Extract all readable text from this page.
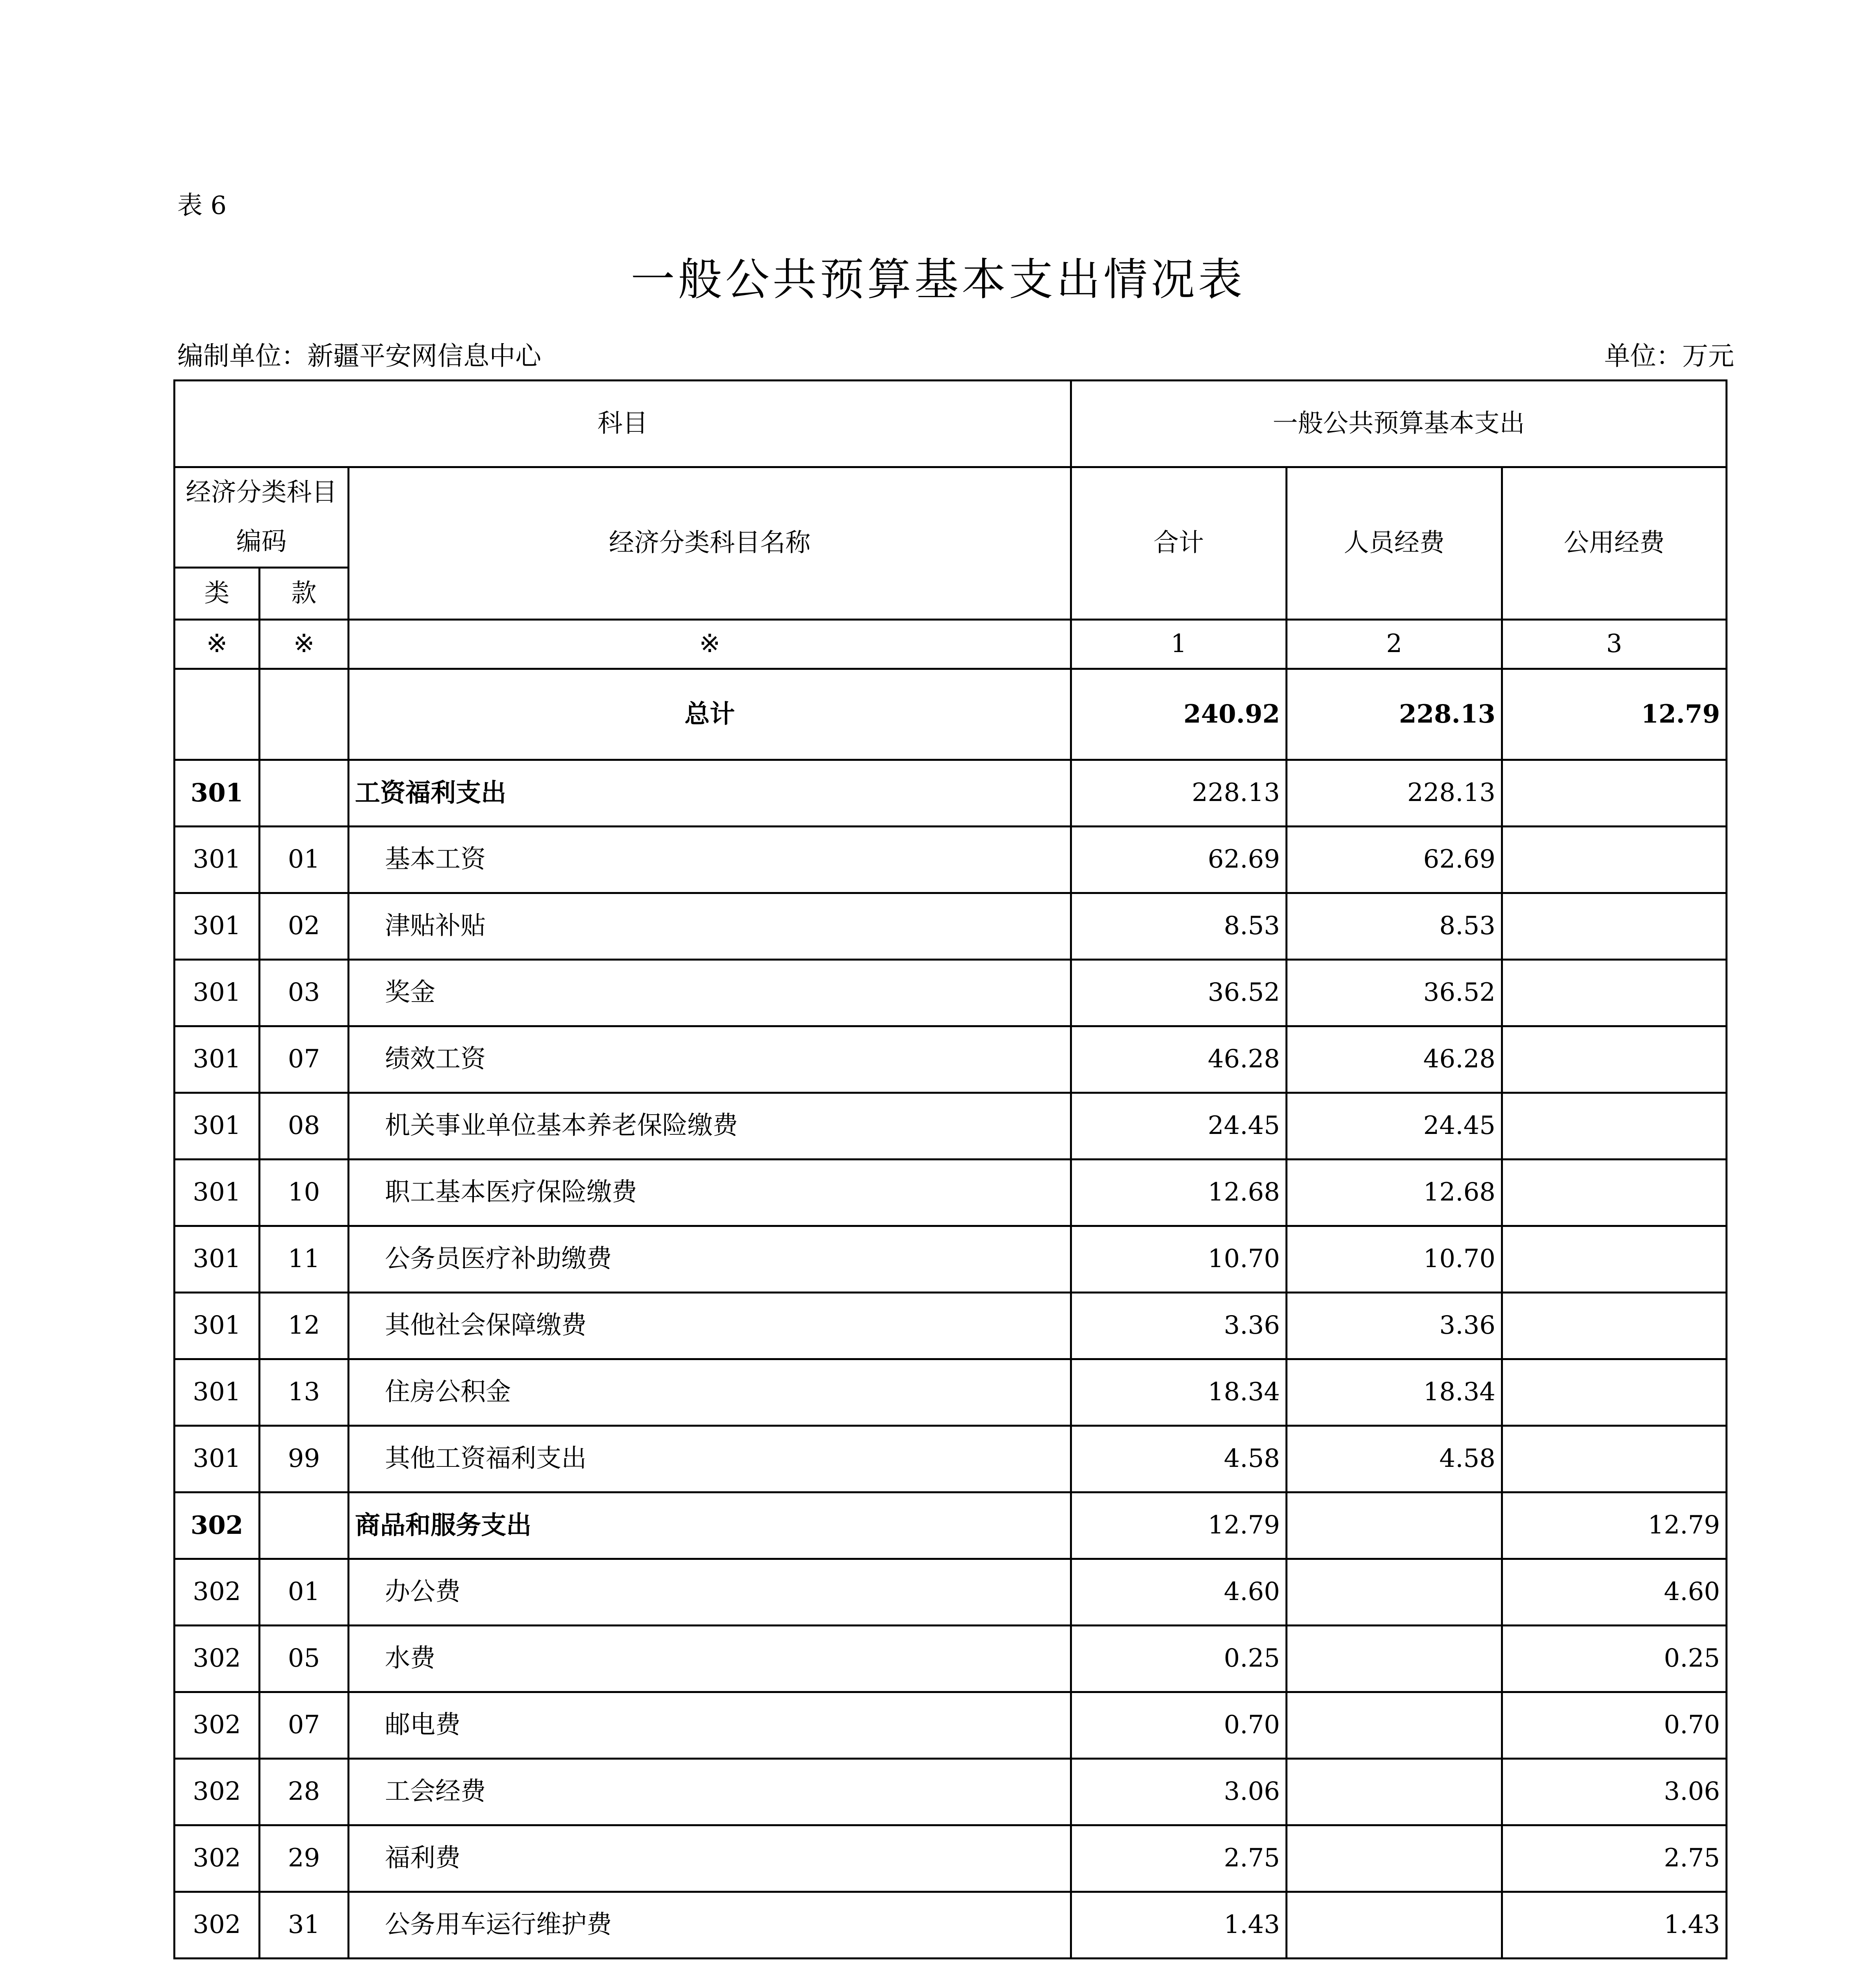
表 6
一般公共预算基本支出情况表
编制单位：新疆平安网信息中心	单位：万元
科目			一般公共预算基本支出		
经济分类科目编码		经济分类科目名称	合计	人员经费	公用经费
类	款				
※	※	※	1	2	3
		总计	240.92	228.13	12.79
301		工资福利支出	228.13	228.13	
301	01	基本工资	62.69	62.69	
301	02	津贴补贴	8.53	8.53	
301	03	奖金	36.52	36.52	
301	07	绩效工资	46.28	46.28	
301	08	机关事业单位基本养老保险缴费	24.45	24.45	
301	10	职工基本医疗保险缴费	12.68	12.68	
301	11	公务员医疗补助缴费	10.70	10.70	
301	12	其他社会保障缴费	3.36	3.36	
301	13	住房公积金	18.34	18.34	
301	99	其他工资福利支出	4.58	4.58	
302		商品和服务支出	12.79		12.79
302	01	办公费	4.60		4.60
302	05	水费	0.25		0.25
302	07	邮电费	0.70		0.70
302	28	工会经费	3.06		3.06
302	29	福利费	2.75		2.75
302	31	公务用车运行维护费	1.43		1.43
